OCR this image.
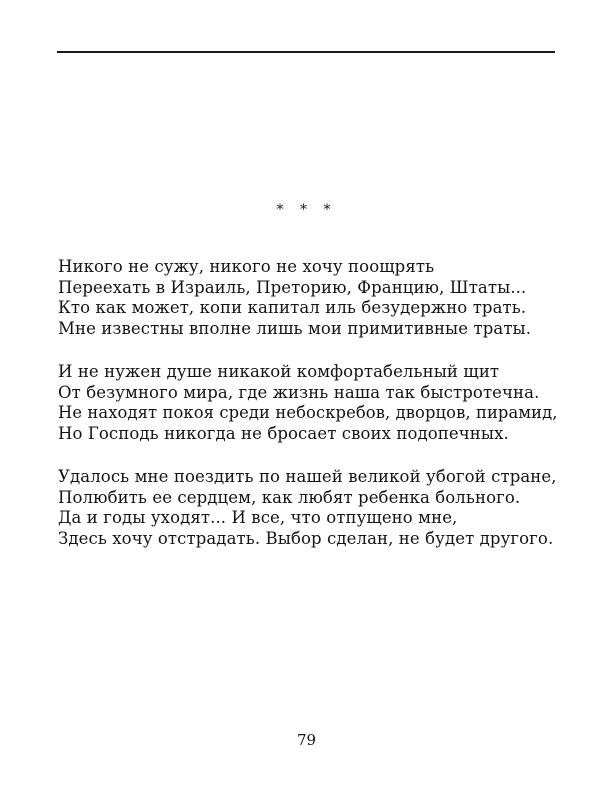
* * *
Никого не сужу, никого не хочу поощрять
Переехать в Израиль, Преторию, Францию, Штаты...
Кто как может, копи капитал иль безудержно трать.
Мне известны вполне лишь мои примитивные траты.
И не нужен душе никакой комфортабельный щит
От безумного мира, где жизнь наша так быстротечна.
Не находят покоя среди небоскребов, дворцов, пирамид,
Но Господь никогда не бросает своих подопечных.
Удалось мне поездить по нашей великой убогой стране,
Полюбить ее сердцем, как любят ребенка больного.
Да и годы уходят... И все, что отпущено мне,
Здесь хочу отстрадать. Выбор сделан, не будет другого.
79
